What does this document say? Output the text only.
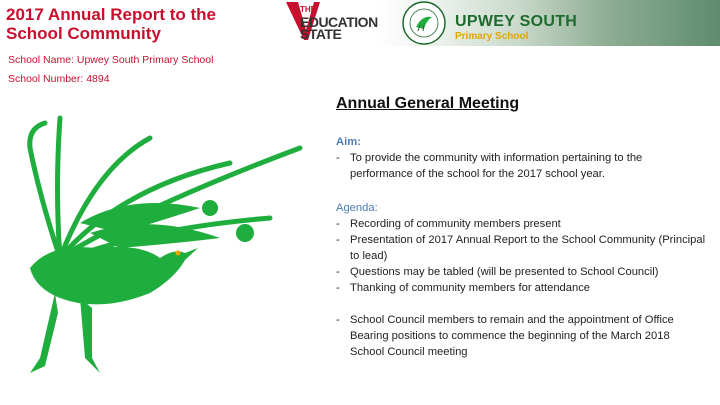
2017 Annual Report to the School Community
School Name: Upwey South Primary School
School Number: 4894
THE
EDUCATION
STATE
UPWEY SOUTH
Primary School
Annual General Meeting
Aim:
- To provide the community with information pertaining to the performance of the school for the 2017 school year.
Agenda:
- Recording of community members present
- Presentation of 2017 Annual Report to the School Community (Principal to lead)
- Questions may be tabled (will be presented to School Council)
- Thanking of community members for attendance
- School Council members to remain and the appointment of Office Bearing positions to commence the beginning of the March 2018 School Council meeting
